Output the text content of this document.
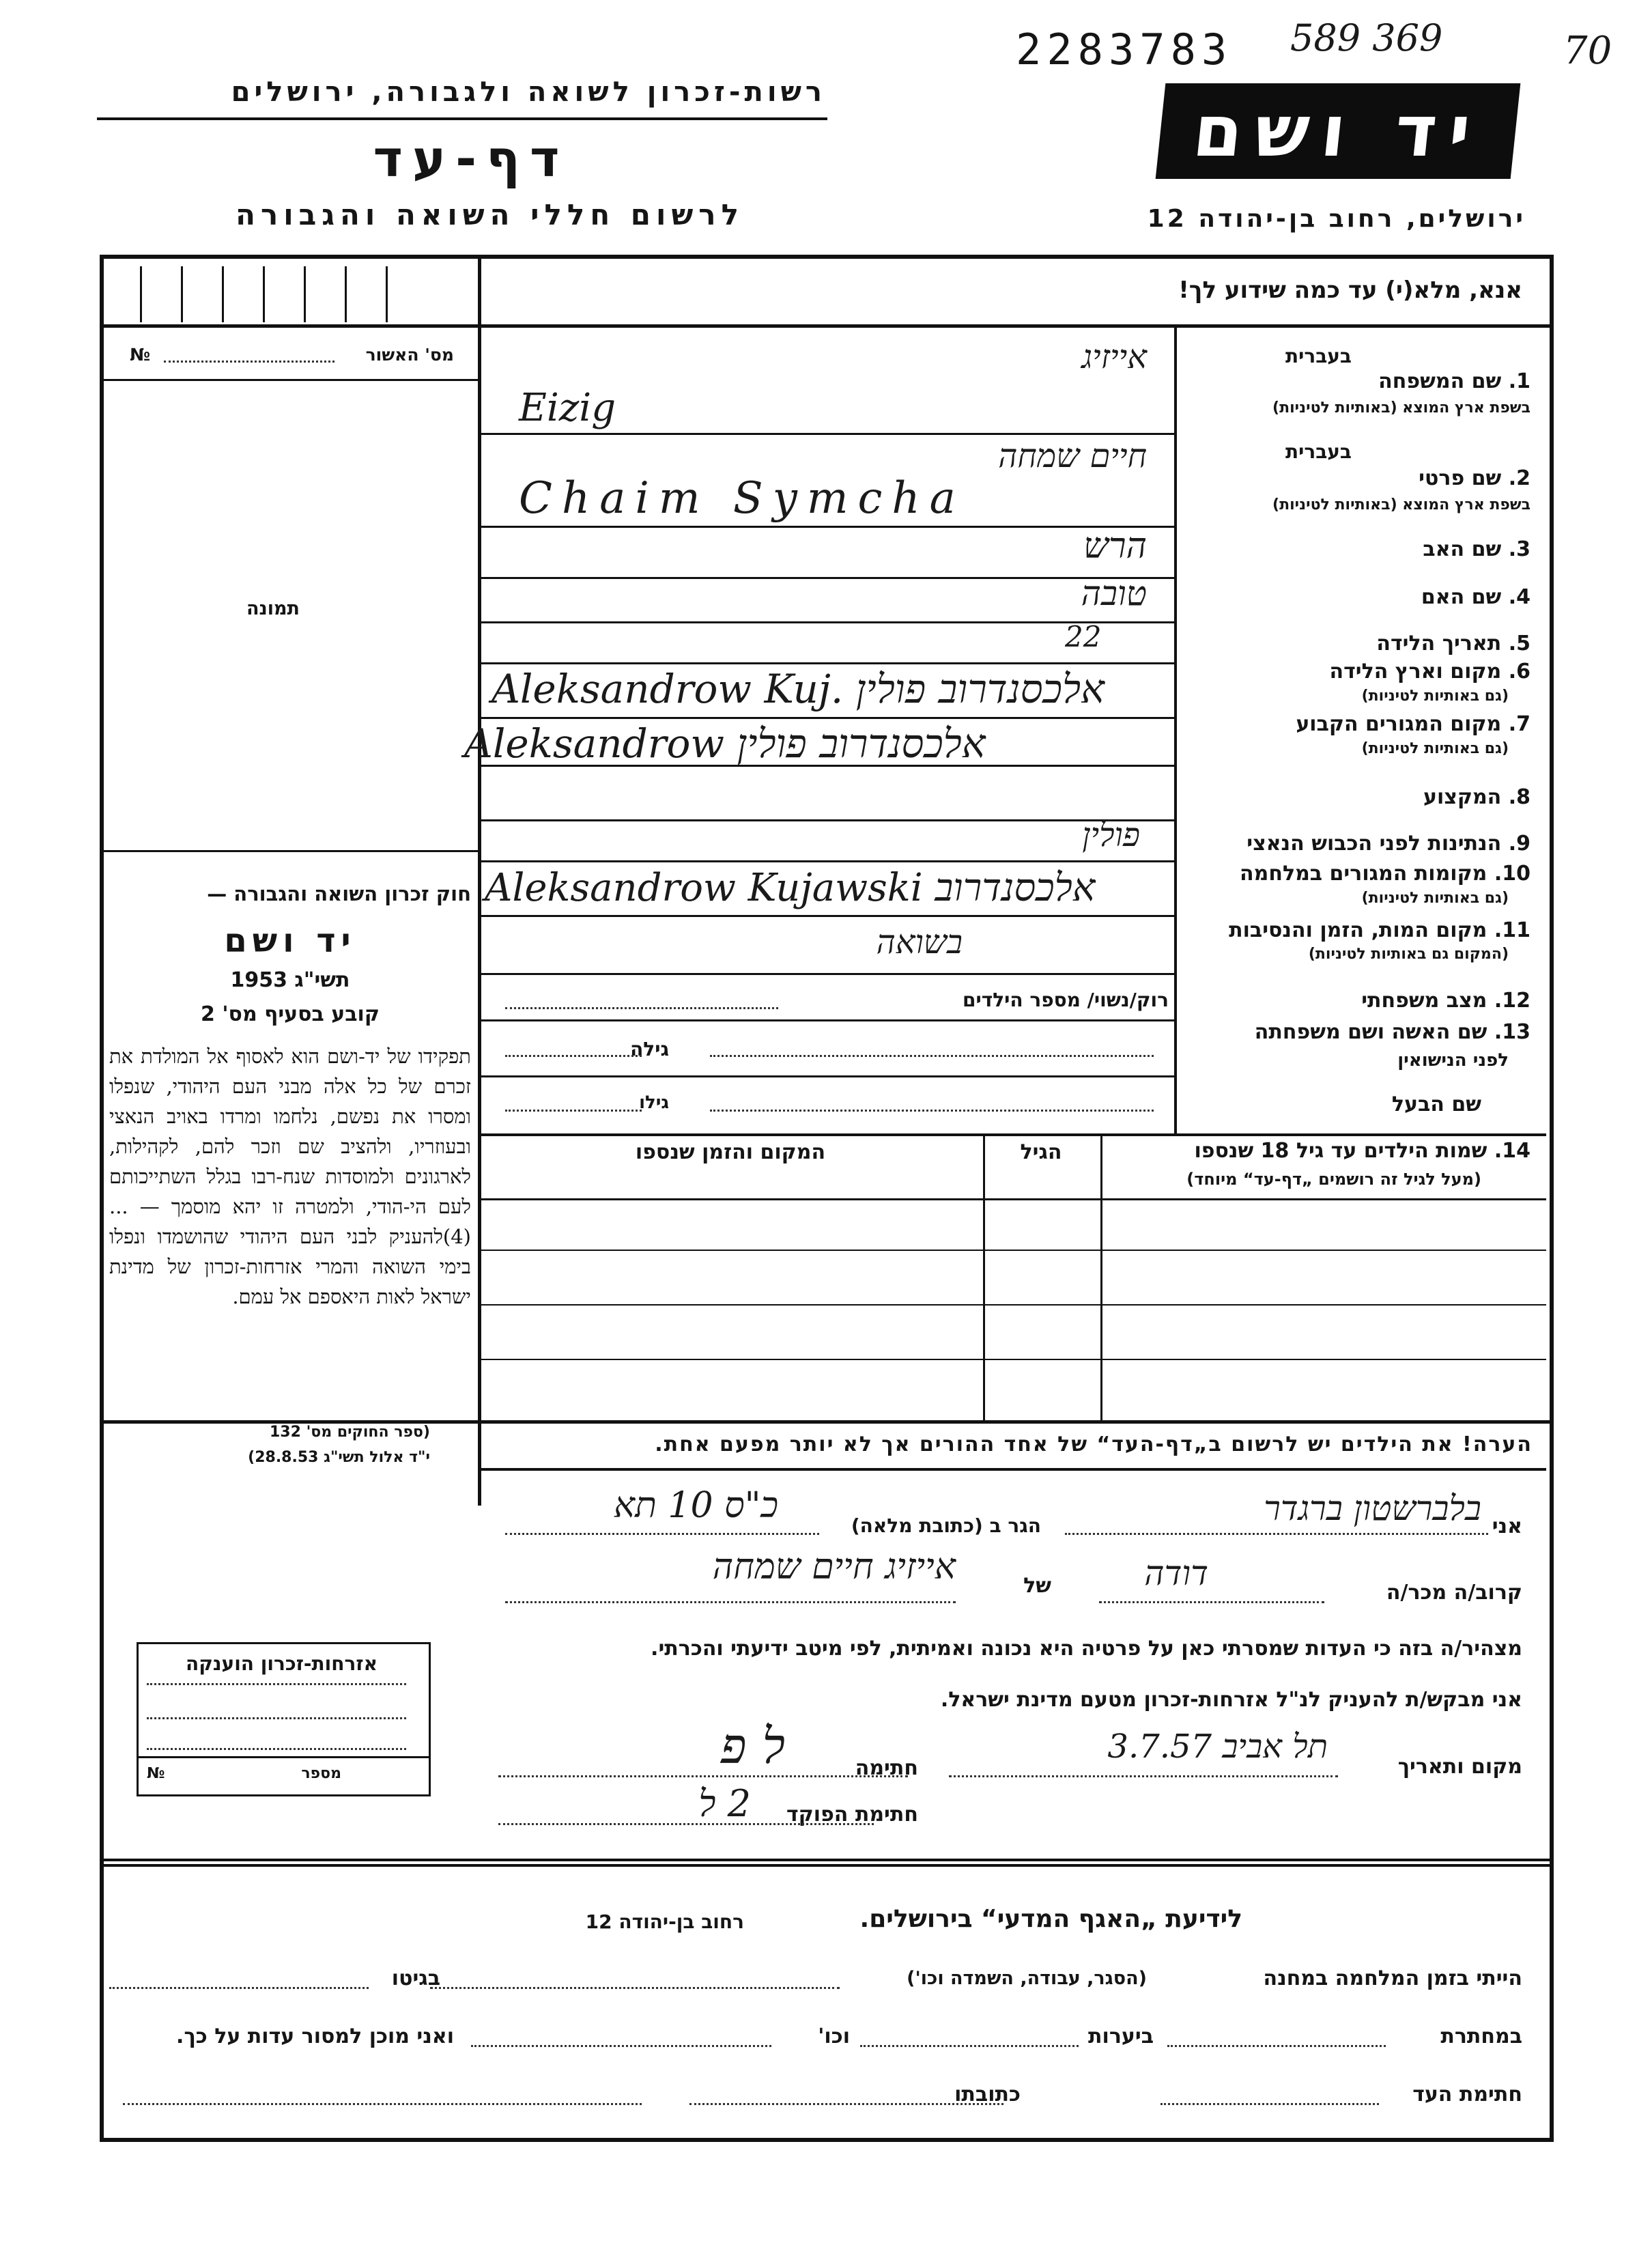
2283783 589 369	70
רשות-זכרון לשואה ולגבורה, ירושלים
דף-עד
לרשום חללי השואה והגבורה
יד ושם
ירושלים, רחוב בן-יהודה 12
אנא, מלא(י) עד כמה שידוע לך!
מס' האשור
№
תמונה
חוק זכרון השואה והגבורה —
יד ושם
תשי"ג 1953
קובע בסעיף מס' 2
תפקידו של יד-ושם הוא לאסוף אל המולדת את זכרם של כל אלה מבני העם היהודי, שנפלו ומסרו את נפשם, נלחמו ומרדו באויב הנאצי ובעוזריו, ולהציב שם וזכר להם, לקהילות, לארגונים ולמוסדות שנח-רבו בגלל השתייכותם לעם הי-הודי, ולמטרה זו יהא מוסמך — ...(4)להעניק לבני העם היהודי שהושמדו ונפלו בימי השואה והמרי אזרחות-זכרון של מדינת ישראל לאות היאספם אל עמם.
(ספר החוקים מס' 132
י"ד אלול תשי"ג 28.8.53)
אזרחות-זכרון הוענקה
מספר
№
בעברית
1. שם המשפחה
בשפת ארץ המוצא (באותיות לטיניות)
בעברית
2. שם פרטי
בשפת ארץ המוצא (באותיות לטיניות)
3. שם האב
4. שם האם
5. תאריך הלידה
6. מקום וארץ הלידה
(גם באותיות לטיניות)
7. מקום המגורים הקבוע
(גם באותיות לטיניות)
8. המקצוע
9. הנתינות לפני הכבוש הנאצי
10. מקומות המגורים במלחמה
(גם באותיות לטיניות)
11. מקום המות, הזמן והנסיבות
(המקום גם באותיות לטיניות)
12. מצב משפחתי
13. שם האשה ושם משפחתה
לפני הנישואין
שם הבעל
אייזיג
Eizig
חיים שמחה
Chaim Symcha
הרש
טובה
22
Aleksandrow Kuj. אלכסנדרוב פולין
Aleksandrow אלכסנדרוב פולין
פולין
Aleksandrow Kujawski אלכסנדרוב
בשואה
רוק/נשוי/ מספר הילדים
גילה
גילו
14. שמות הילדים עד גיל 18 שנספו
(מעל לגיל זה רושמים „דף-עד“ מיוחד)
הגיל
המקום והזמן שנספו
הערה! את הילדים יש לרשום ב„דף-העד“ של אחד ההורים אך לא יותר מפעם אחת.
אני
בלברשטון ברגדר
הגר ב (כתובת מלאה)
כ"ס 10 תא
קרוב/ה מכר/ה
דודה
של
אייזיג חיים שמחה
מצהיר/ה בזה כי העדות שמסרתי כאן על פרטיה היא נכונה ואמיתית, לפי מיטב ידיעתי והכרתי.
אני מבקש/ת להעניק לנ"ל אזרחות-זכרון מטעם מדינת ישראל.
מקום ותאריך
תל אביב 3.7.57
חתימה
ל פ
חתימת הפוקד
2 ל
לידיעת „האגף המדעי“ בירושלים.
רחוב בן-יהודה 12
הייתי בזמן המלחמה במחנה
(הסגר, עבודה, השמדה וכו')
בגיטו
במחתרת
ביערות
וכו'
ואני מוכן למסור עדות על כך.
חתימת העד
כתובתו
